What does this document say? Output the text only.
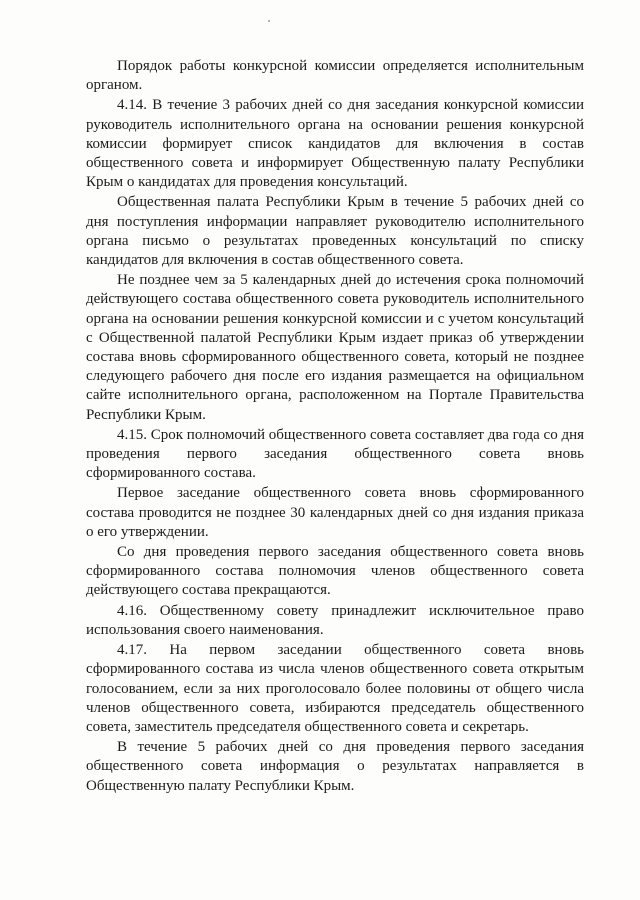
Порядок работы конкурсной комиссии определяется исполнительным органом.

4.14. В течение 3 рабочих дней со дня заседания конкурсной комиссии руководитель исполнительного органа на основании решения конкурсной комиссии формирует список кандидатов для включения в состав общественного совета и информирует Общественную палату Республики Крым о кандидатах для проведения консультаций.

Общественная палата Республики Крым в течение 5 рабочих дней со дня поступления информации направляет руководителю исполнительного органа письмо о результатах проведенных консультаций по списку кандидатов для включения в состав общественного совета.

Не позднее чем за 5 календарных дней до истечения срока полномочий действующего состава общественного совета руководитель исполнительного органа на основании решения конкурсной комиссии и с учетом консультаций с Общественной палатой Республики Крым издает приказ об утверждении состава вновь сформированного общественного совета, который не позднее следующего рабочего дня после его издания размещается на официальном сайте исполнительного органа, расположенном на Портале Правительства Республики Крым.

4.15. Срок полномочий общественного совета составляет два года со дня проведения первого заседания общественного совета вновь сформированного состава.

Первое заседание общественного совета вновь сформированного состава проводится не позднее 30 календарных дней со дня издания приказа о его утверждении.

Со дня проведения первого заседания общественного совета вновь сформированного состава полномочия членов общественного совета действующего состава прекращаются.

4.16. Общественному совету принадлежит исключительное право использования своего наименования.

4.17. На первом заседании общественного совета вновь сформированного состава из числа членов общественного совета открытым голосованием, если за них проголосовало более половины от общего числа членов общественного совета, избираются председатель общественного совета, заместитель председателя общественного совета и секретарь.

В течение 5 рабочих дней со дня проведения первого заседания общественного совета информация о результатах направляется в Общественную палату Республики Крым.
